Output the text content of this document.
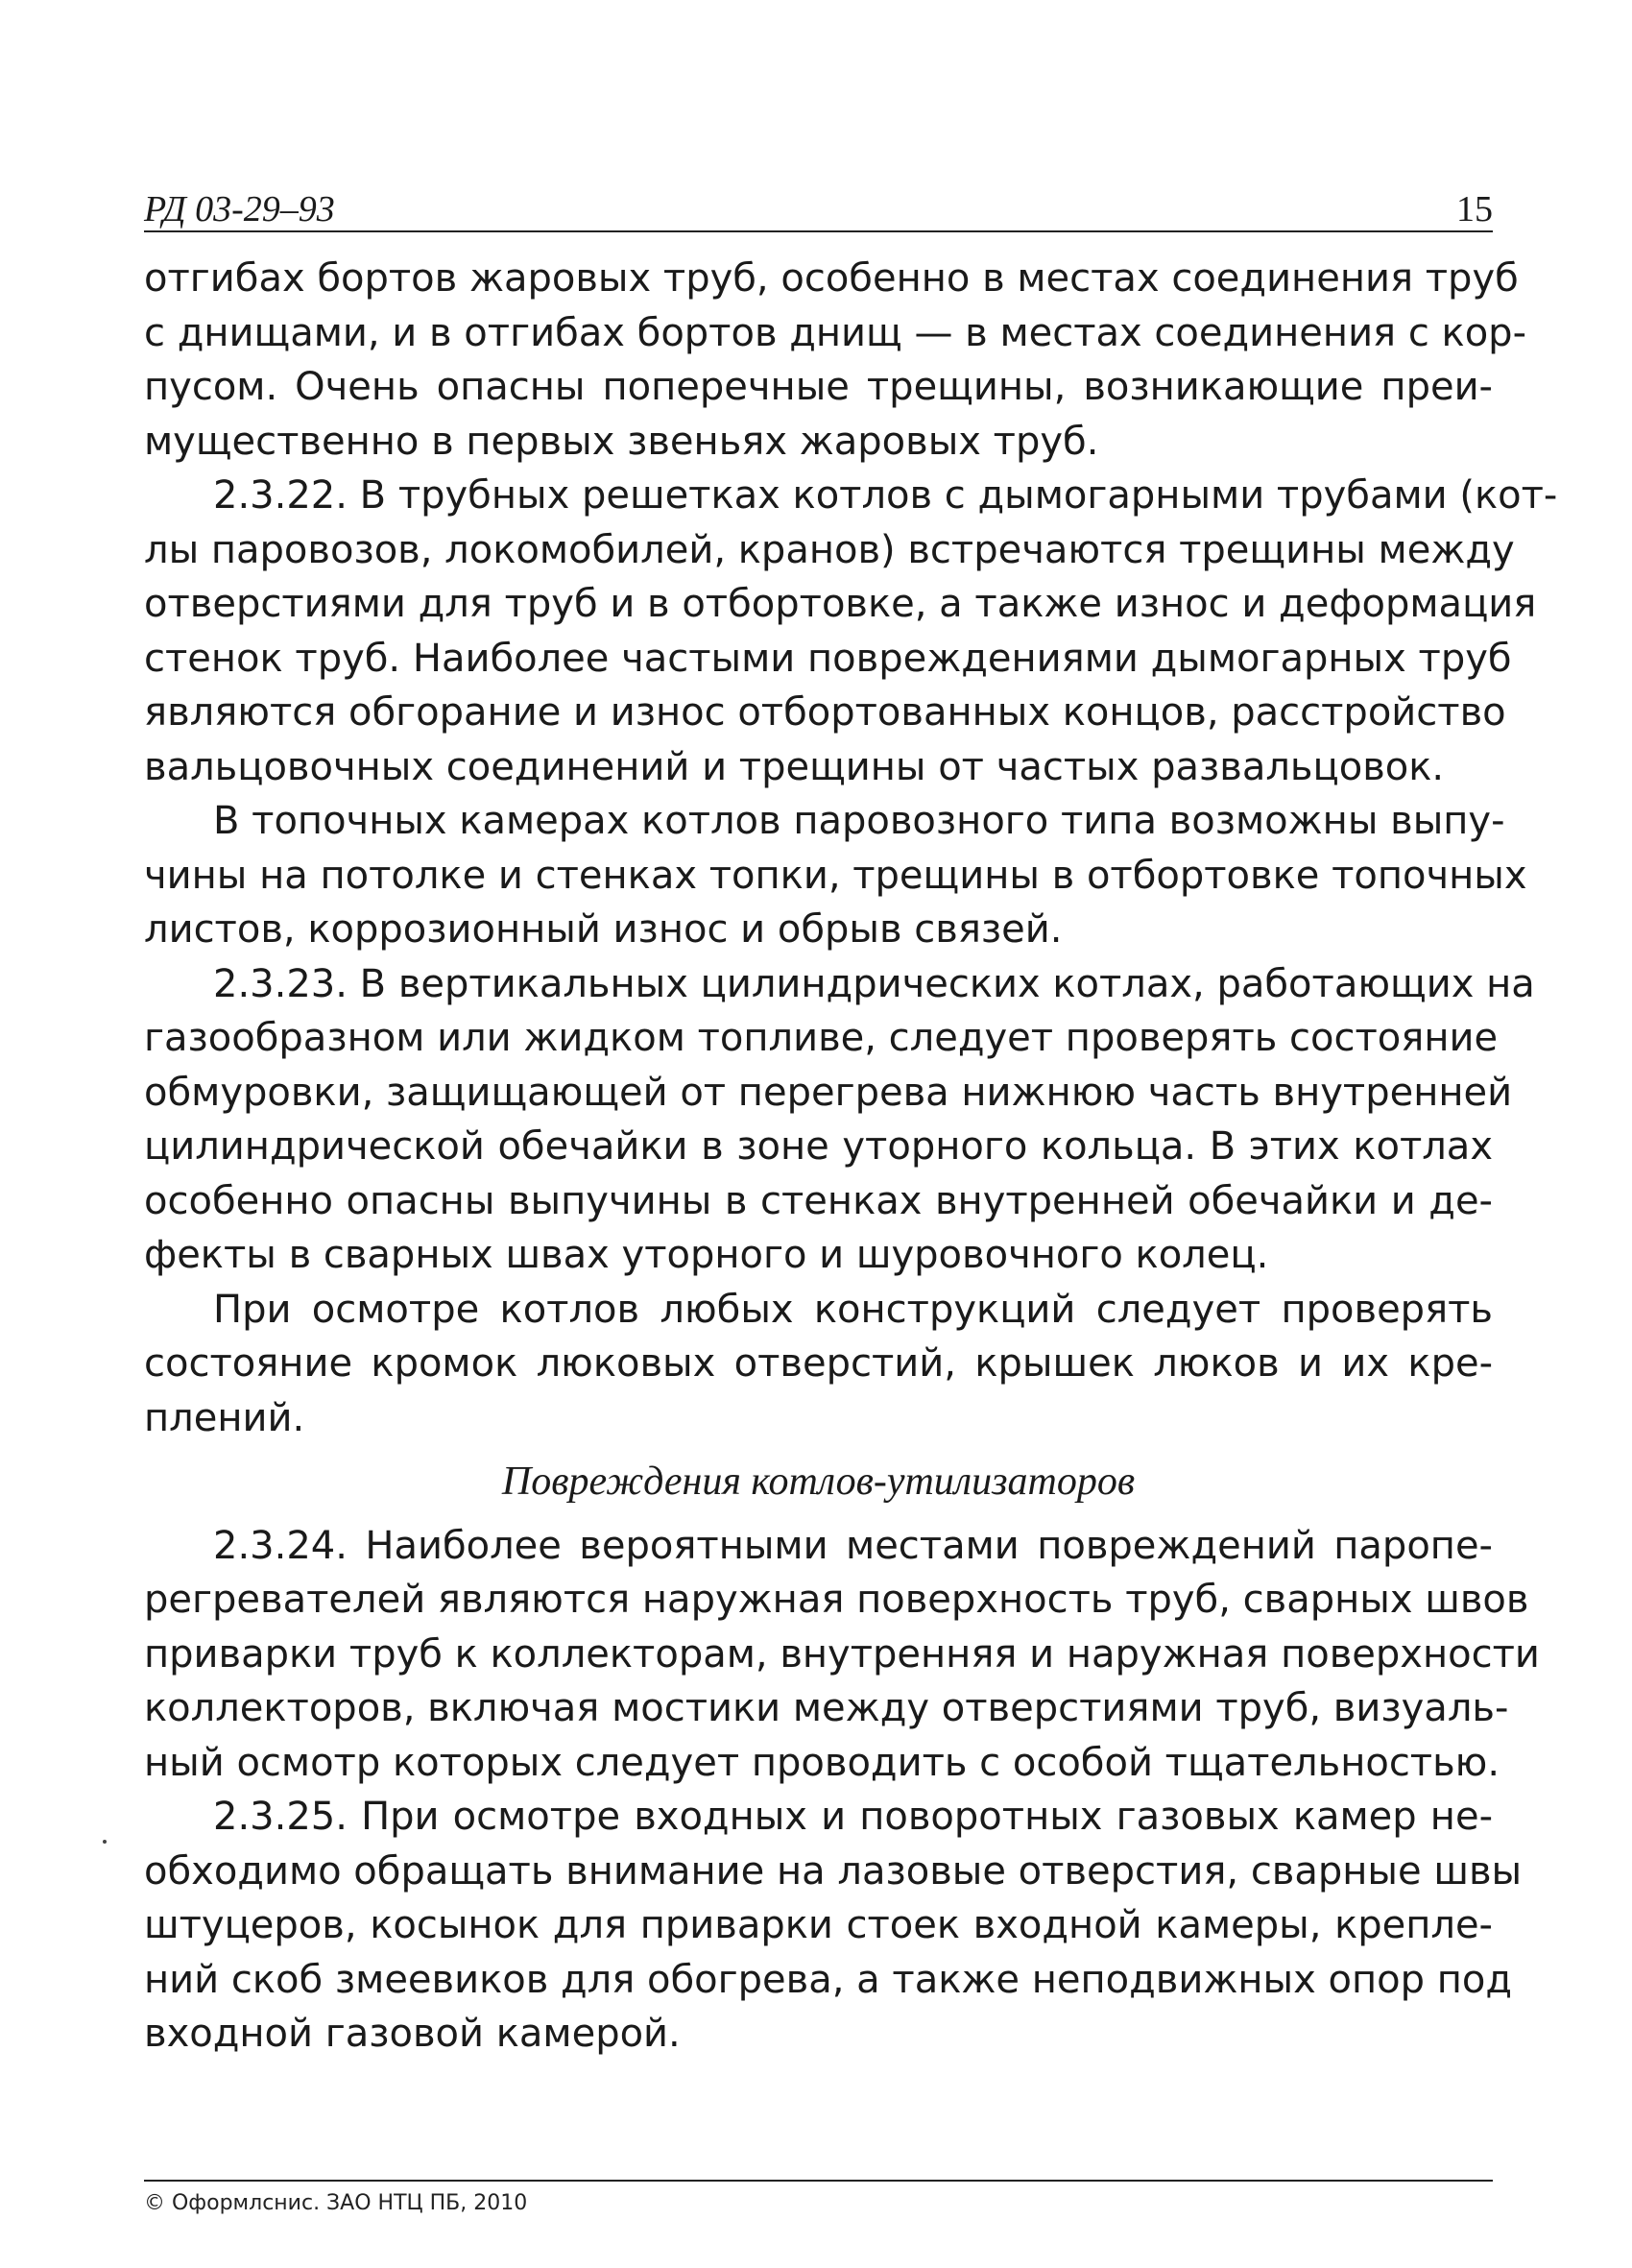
РД 03-29–93	15
отгибах бортов жаровых труб, особенно в местах соединения труб
с днищами, и в отгибах бортов днищ — в местах соединения с кор-
пусом. Очень опасны поперечные трещины, возникающие преи-
мущественно в первых звеньях жаровых труб.
2.3.22. В трубных решетках котлов с дымогарными трубами (кот-
лы паровозов, локомобилей, кранов) встречаются трещины между
отверстиями для труб и в отбортовке, а также износ и деформация
стенок труб. Наиболее частыми повреждениями дымогарных труб
являются обгорание и износ отбортованных концов, расстройство
вальцовочных соединений и трещины от частых развальцовок.
В топочных камерах котлов паровозного типа возможны выпу-
чины на потолке и стенках топки, трещины в отбортовке топочных
листов, коррозионный износ и обрыв связей.
2.3.23. В вертикальных цилиндрических котлах, работающих на
газообразном или жидком топливе, следует проверять состояние
обмуровки, защищающей от перегрева нижнюю часть внутренней
цилиндрической обечайки в зоне уторного кольца. В этих котлах
особенно опасны выпучины в стенках внутренней обечайки и де-
фекты в сварных швах уторного и шуровочного колец.
При осмотре котлов любых конструкций следует проверять
состояние кромок люковых отверстий, крышек люков и их кре-
плений.
Повреждения котлов-утилизаторов
2.3.24. Наиболее вероятными местами повреждений паропе-
регревателей являются наружная поверхность труб, сварных швов
приварки труб к коллекторам, внутренняя и наружная поверхности
коллекторов, включая мостики между отверстиями труб, визуаль-
ный осмотр которых следует проводить с особой тщательностью.
2.3.25. При осмотре входных и поворотных газовых камер не-
обходимо обращать внимание на лазовые отверстия, сварные швы
штуцеров, косынок для приварки стоек входной камеры, крепле-
ний скоб змеевиков для обогрева, а также неподвижных опор под
входной газовой камерой.
© Оформлснис. ЗАО НТЦ ПБ, 2010
